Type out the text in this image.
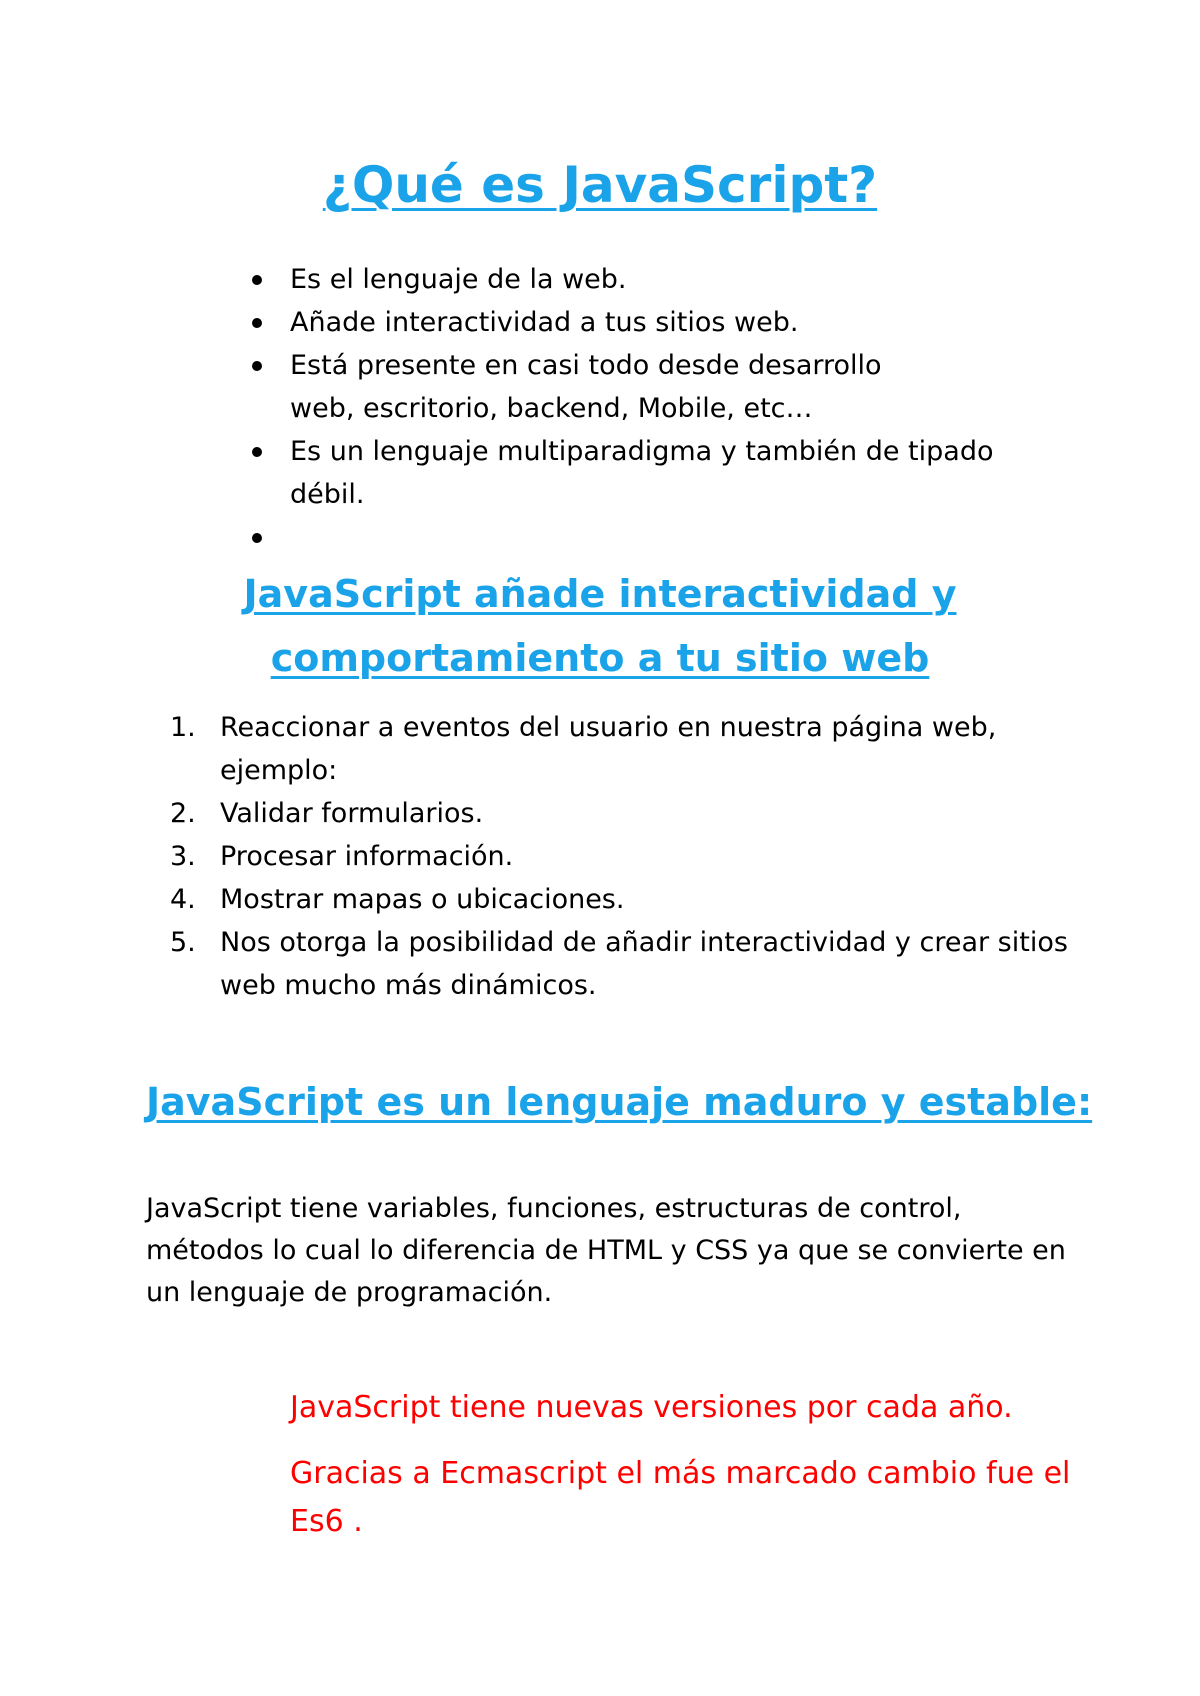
¿Qué es JavaScript?
Es el lenguaje de la web.
Añade interactividad a tus sitios web.
Está presente en casi todo desde desarrollo web, escritorio, backend, Mobile, etc…
Es un lenguaje multiparadigma y también de tipado débil.
JavaScript añade interactividad y
comportamiento a tu sitio web
1. Reaccionar a eventos del usuario en nuestra página web, ejemplo:
2. Validar formularios.
3. Procesar información.
4. Mostrar mapas o ubicaciones.
5. Nos otorga la posibilidad de añadir interactividad y crear sitios web mucho más dinámicos.
JavaScript es un lenguaje maduro y estable:

JavaScript tiene variables, funciones, estructuras de control, métodos lo cual lo diferencia de HTML y CSS ya que se convierte en un lenguaje de programación.

JavaScript tiene nuevas versiones por cada año.

Gracias a Ecmascript el más marcado cambio fue el Es6 .
